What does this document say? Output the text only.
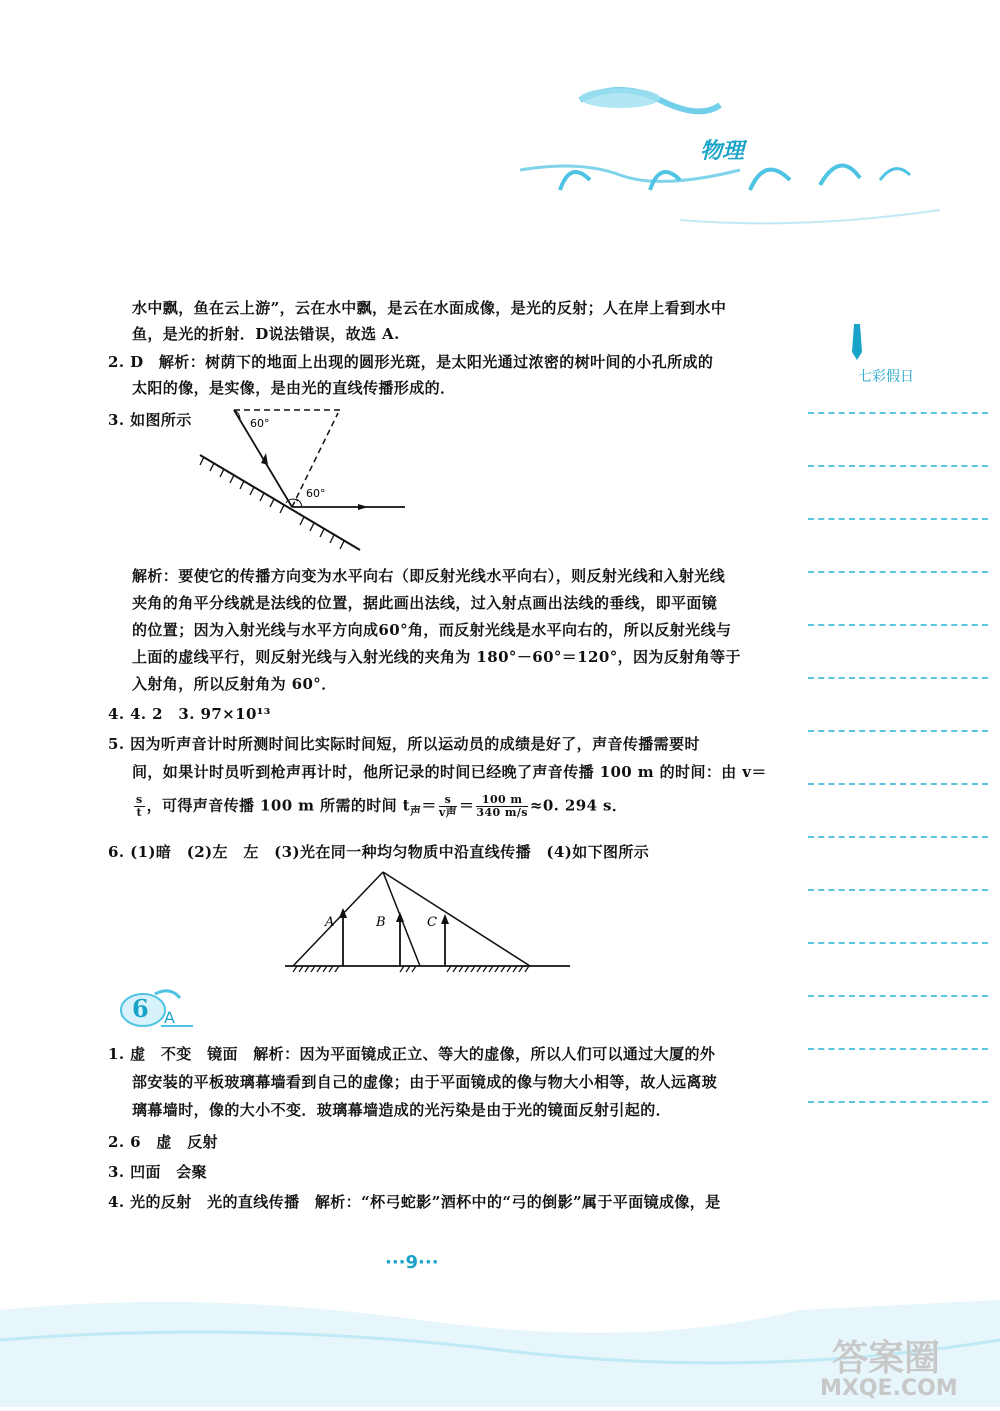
物理
七彩假日
水中飘，鱼在云上游”，云在水中飘，是云在水面成像，是光的反射；人在岸上看到水中
鱼，是光的折射．D说法错误，故选 A.
2. D　解析：树荫下的地面上出现的圆形光斑，是太阳光通过浓密的树叶间的小孔所成的
太阳的像，是实像，是由光的直线传播形成的．
3. 如图所示	60°
60°
解析：要使它的传播方向变为水平向右（即反射光线水平向右），则反射光线和入射光线
夹角的角平分线就是法线的位置，据此画出法线，过入射点画出法线的垂线，即平面镜
的位置；因为入射光线与水平方向成60°角，而反射光线是水平向右的，所以反射光线与
上面的虚线平行，则反射光线与入射光线的夹角为 180°－60°＝120°，因为反射角等于
入射角，所以反射角为 60°．
4. 4. 2　3. 97×10¹³
5. 因为听声音计时所测时间比实际时间短，所以运动员的成绩是好了，声音传播需要时
间，如果计时员听到枪声再计时，他所记录的时间已经晚了声音传播 100 m 的时间：由 v＝
$\frac{s}{t}$ ，可得声音传播 100 m 所需的时间 $t_声= \frac{s}{\text{v声}} = \frac{100 m}{340 m/s} \approx 0$. 294 s．
6. (1)暗　(2)左　左　(3)光在同一种均匀物质中沿直线传播　(4)如下图所示
A	B	C
6 A
1. 虚　不变　镜面　解析：因为平面镜成正立、等大的虚像，所以人们可以通过大厦的外
部安装的平板玻璃幕墙看到自己的虚像；由于平面镜成的像与物大小相等，故人远离玻
璃幕墙时，像的大小不变．玻璃幕墙造成的光污染是由于光的镜面反射引起的．
2. 6　虚　反射
3. 凹面　会聚
4. 光的反射　光的直线传播　解析：“杯弓蛇影”酒杯中的“弓的倒影”属于平面镜成像，是
···9···
答案圈
MXQE.COM
